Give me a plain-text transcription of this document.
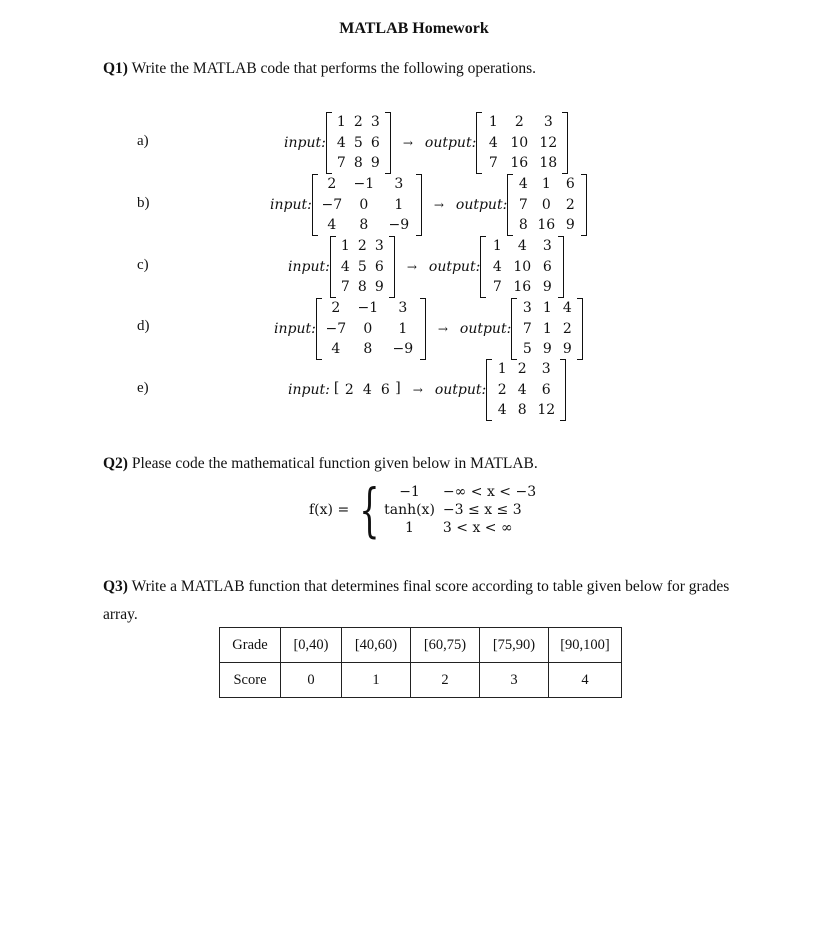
MATLAB Homework
Q1) Write the MATLAB code that performs the following operations.
a)
b)
c)
d)
e)
input:
1 2 3
4 5 6
7 8 9
→ output:
1	2	3
4 10 12
7 16 18
input:
2	−1	3
−7	0	1
4	8	−9
→ output:
4	1	6
7	0	2
8 16 9
input:
1 2 3
4 5 6
7 8 9
→ output:
1	4	3
4 10 6
7 16 9
input:
2	−1	3
−7	0	1
4	8	−9
→ output:
3 1 4
7 1 2
5 9 9
input: [ 2 4 6 ] → output:
1 2	3
2 4	6
4 8 12
Q2) Please code the mathematical function given below in MATLAB.
f(x) = {	−1	−∞ < x < −3
tanh(x) −3 ≤ x ≤ 3
1	3 < x < ∞
Q3) Write a MATLAB function that determines final score according to table given below for grades array.
Grade	[0,40)	[40,60)	[60,75)	[75,90)	[90,100]
Score	0	1	2	3	4
